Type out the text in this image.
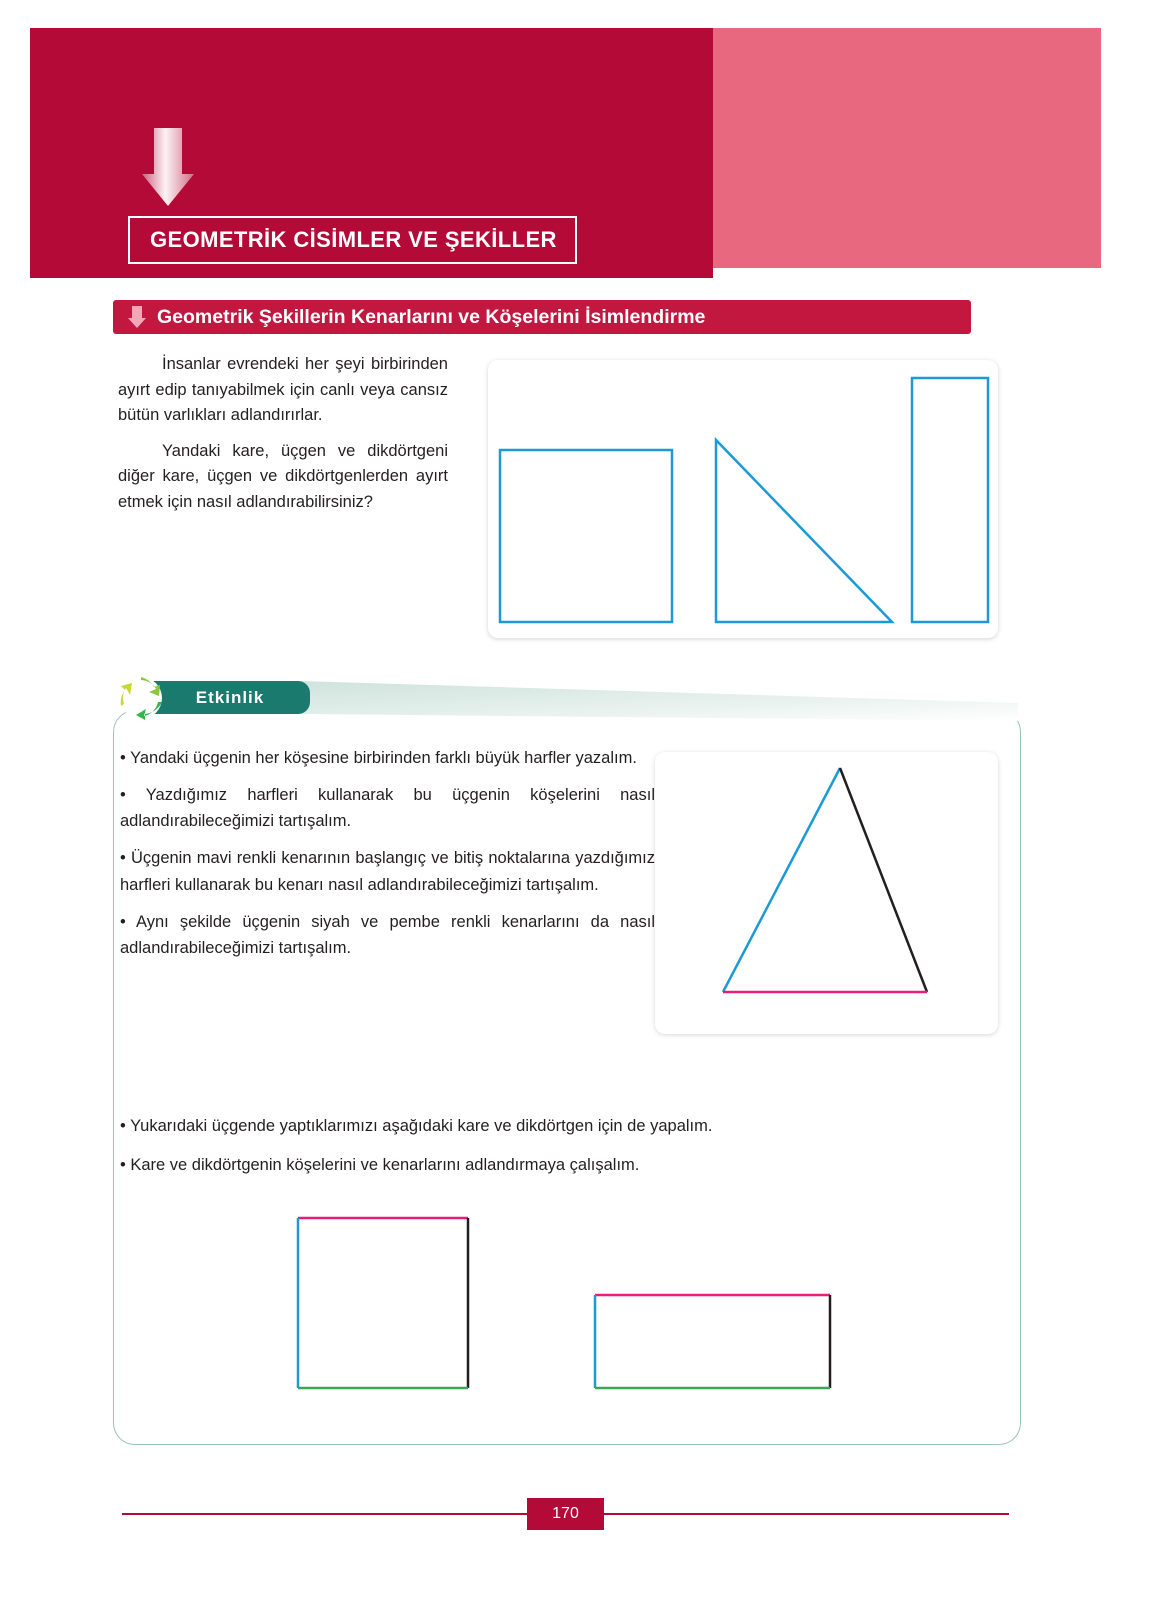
GEOMETRİK CİSİMLER VE ŞEKİLLER
Geometrik Şekillerin Kenarlarını ve Köşelerini İsimlendirme

İnsanlar evrendeki her şeyi birbirinden ayırt edip tanıyabilmek için canlı veya cansız bütün varlıkları adlandırırlar.

Yandaki kare, üçgen ve dikdörtgeni diğer kare, üçgen ve dikdörtgenlerden ayırt etmek için nasıl adlandırabilirsiniz?

Etkinlik

• Yandaki üçgenin her köşesine birbirinden farklı büyük harfler yazalım.

• Yazdığımız harfleri kullanarak bu üçgenin köşelerini nasıl adlandırabileceğimizi tartışalım.

• Üçgenin mavi renkli kenarının başlangıç ve bitiş noktalarına yazdığımız harfleri kullanarak bu kenarı nasıl adlandırabileceğimizi tartışalım.

• Aynı şekilde üçgenin siyah ve pembe renkli kenarlarını da nasıl adlandırabileceğimizi tartışalım.

• Yukarıdaki üçgende yaptıklarımızı aşağıdaki kare ve dikdörtgen için de yapalım.

• Kare ve dikdörtgenin köşelerini ve kenarlarını adlandırmaya çalışalım.

170
